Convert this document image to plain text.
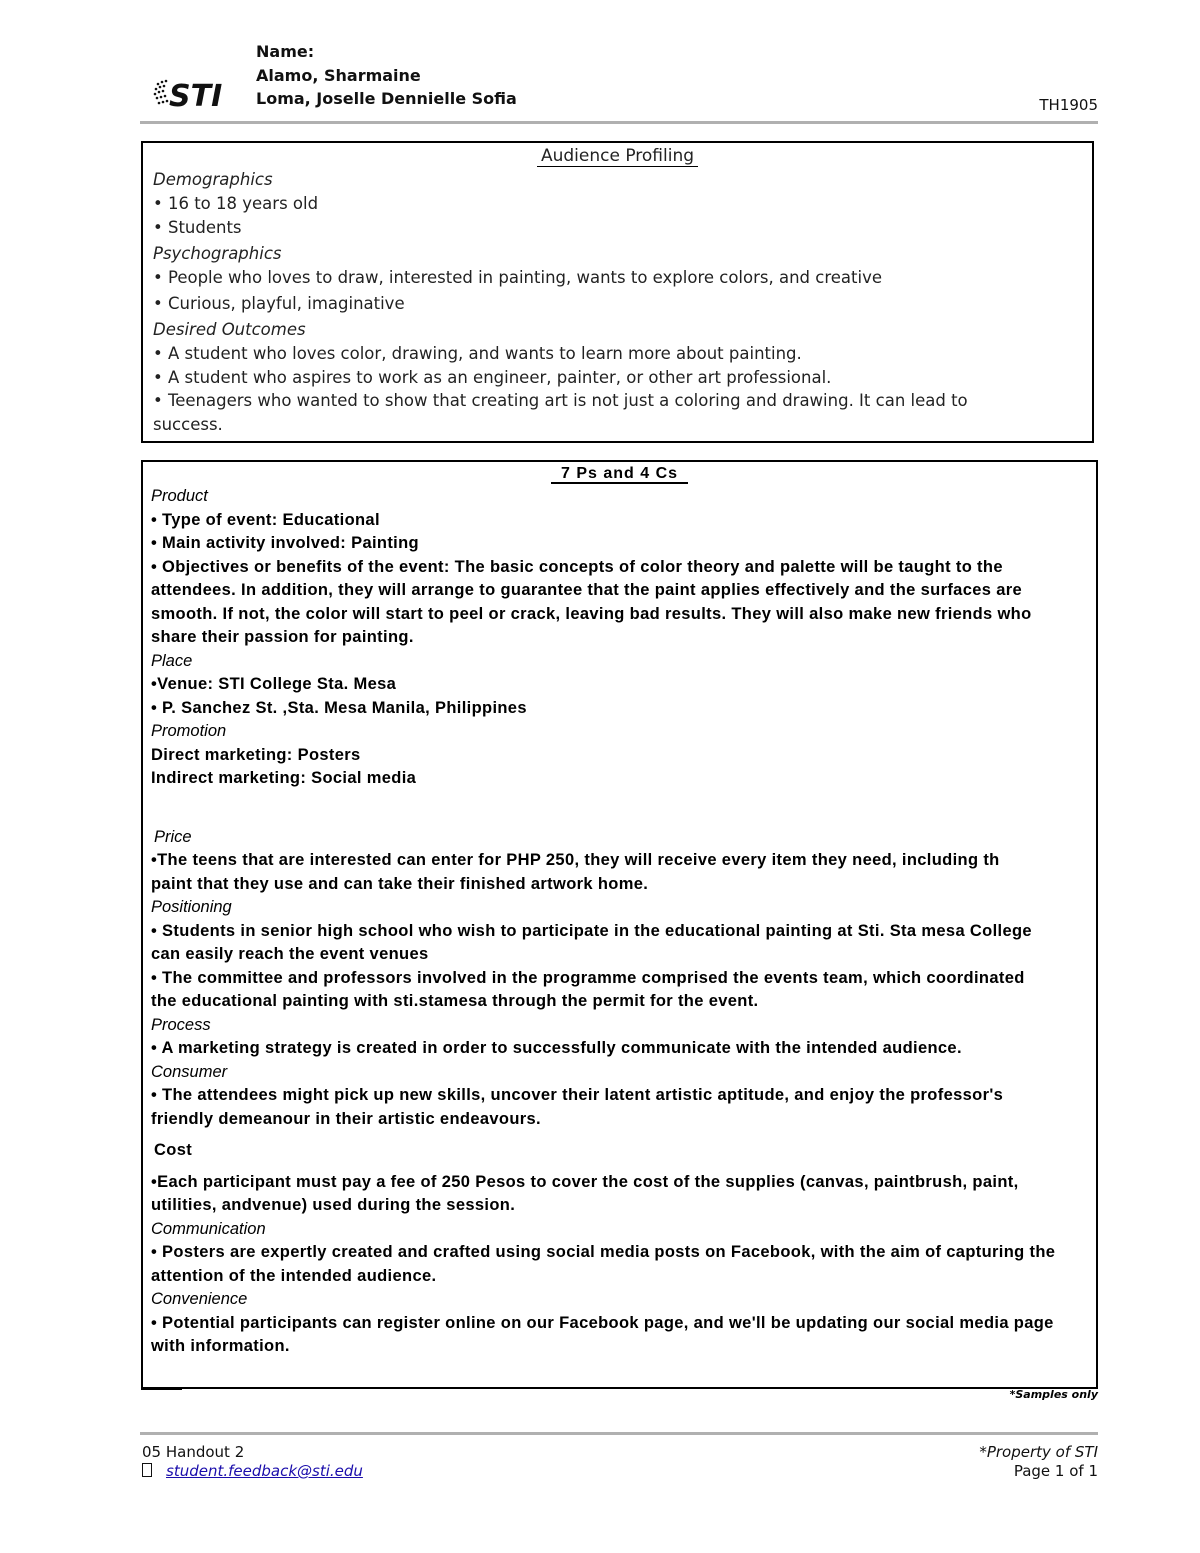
STI
Name:
Alamo, Sharmaine
Loma, Joselle Dennielle Sofia	TH1905
Audience Profiling
Demographics
• 16 to 18 years old
• Students
Psychographics
• People who loves to draw, interested in painting, wants to explore colors, and creative
• Curious, playful, imaginative
Desired Outcomes
• A student who loves color, drawing, and wants to learn more about painting.
• A student who aspires to work as an engineer, painter, or other art professional.
• Teenagers who wanted to show that creating art is not just a coloring and drawing. It can lead to
success.
7 Ps and 4 Cs
Product
• Type of event: Educational
• Main activity involved: Painting
• Objectives or benefits of the event: The basic concepts of color theory and palette will be taught to the
attendees. In addition, they will arrange to guarantee that the paint applies effectively and the surfaces are
smooth. If not, the color will start to peel or crack, leaving bad results. They will also make new friends who
share their passion for painting.
Place
•Venue: STI College Sta. Mesa
• P. Sanchez St. ,Sta. Mesa Manila, Philippines
Promotion
Direct marketing: Posters
Indirect marketing: Social media
Price
•The teens that are interested can enter for PHP 250, they will receive every item they need, including th
paint that they use and can take their finished artwork home.
Positioning
• Students in senior high school who wish to participate in the educational painting at Sti. Sta mesa College
can easily reach the event venues
• The committee and professors involved in the programme comprised the events team, which coordinated
the educational painting with sti.stamesa through the permit for the event.
Process
• A marketing strategy is created in order to successfully communicate with the intended audience.
Consumer
• The attendees might pick up new skills, uncover their latent artistic aptitude, and enjoy the professor's
friendly demeanour in their artistic endeavours.
Cost
•Each participant must pay a fee of 250 Pesos to cover the cost of the supplies (canvas, paintbrush, paint,
utilities, andvenue) used during the session.
Communication
• Posters are expertly created and crafted using social media posts on Facebook, with the aim of capturing the
attention of the intended audience.
Convenience
• Potential participants can register online on our Facebook page, and we'll be updating our social media page
with information.
*Samples only
05 Handout 2
student.feedback@sti.edu
*Property of STI
Page 1 of 1
